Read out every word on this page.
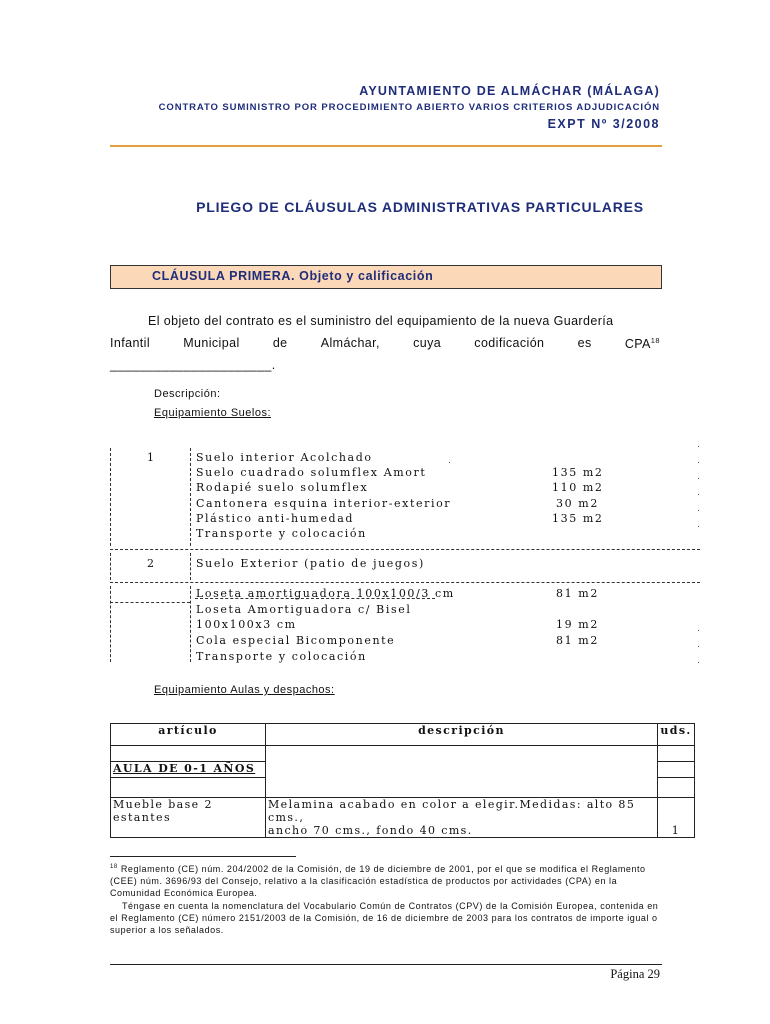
AYUNTAMIENTO DE ALMÁCHAR (MÁLAGA)
CONTRATO SUMINISTRO POR PROCEDIMIENTO ABIERTO VARIOS CRITERIOS ADJUDICACIÓN
EXPT Nº 3/2008
PLIEGO DE CLÁUSULAS ADMINISTRATIVAS PARTICULARES
CLÁUSULA PRIMERA. Objeto y calificación
El objeto del contrato es el suministro del equipamiento de la nueva Guardería
Infantil	Municipal	de	Almáchar,	cuya	codificación	es	CPA$^{18}$
______________________.
Descripción:
Equipamiento Suelos:
1	Suelo interior Acolchado
Suelo cuadrado solumflex Amort	135 m2
Rodapié suelo solumflex	110 m2
Cantonera esquina interior-exterior	30 m2
Plástico anti-humedad	135 m2
Transporte y colocación
2	Suelo Exterior (patio de juegos)
Loseta amortiguadora 100x100/3 cm	81 m2
Loseta Amortiguadora c/ Bisel
100x100x3 cm	19 m2
Cola especial Bicomponente	81 m2
Transporte y colocación
Equipamiento Aulas y despachos:
artículo	descripción	uds.

AULA DE 0-1 AÑOS		

Mueble base 2 estantes	Melamina acabado en color a elegir.Medidas: alto 85 cms.,
ancho 70 cms., fondo 40 cms.	1
$^{18}$ Reglamento (CE) núm. 204/2002 de la Comisión, de 19 de diciembre de 2001, por el que se modifica el Reglamento (CEE) núm. 3696/93 del Consejo, relativo a la clasificación estadística de productos por actividades (CPA) en la Comunidad Económica Europea.
Téngase en cuenta la nomenclatura del Vocabulario Común de Contratos (CPV) de la Comisión Europea, contenida en el Reglamento (CE) número 2151/2003 de la Comisión, de 16 de diciembre de 2003 para los contratos de importe igual o superior a los señalados.
Página 29
